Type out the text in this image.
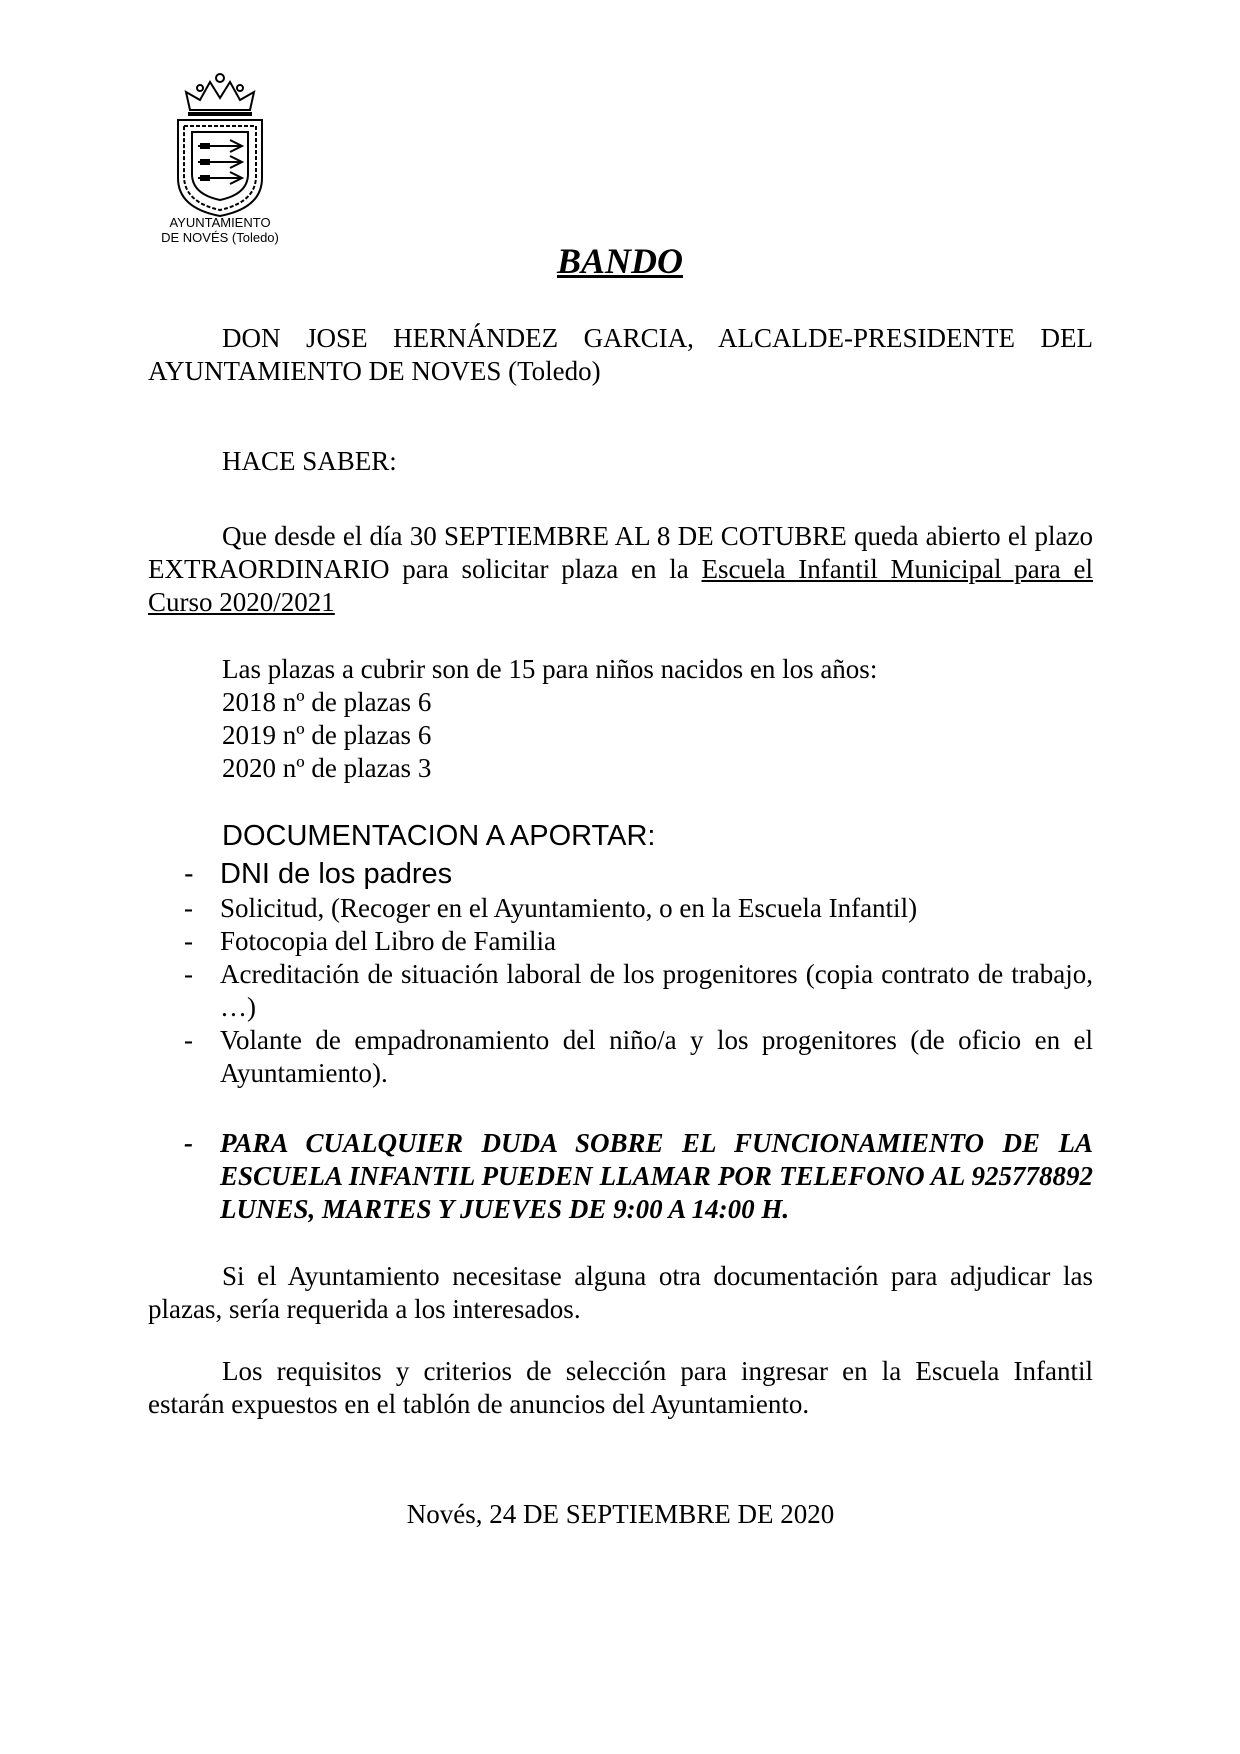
AYUNTAMIENTO
DE NOVÉS (Toledo)
BANDO
DON JOSE HERNÁNDEZ GARCIA, ALCALDE-PRESIDENTE DEL AYUNTAMIENTO DE NOVES (Toledo)
HACE SABER:
Que desde el día 30 SEPTIEMBRE AL 8 DE COTUBRE queda abierto el plazo EXTRAORDINARIO para solicitar plaza en la Escuela Infantil Municipal para el Curso 2020/2021
Las plazas a cubrir son de 15 para niños nacidos en los años:
2018 nº de plazas 6
2019 nº de plazas 6
2020 nº de plazas 3
DOCUMENTACION A APORTAR:
- DNI de los padres
- Solicitud, (Recoger en el Ayuntamiento, o en la Escuela Infantil)
- Fotocopia del Libro de Familia
- Acreditación de situación laboral de los progenitores (copia contrato de trabajo, …)
- Volante de empadronamiento del niño/a y los progenitores (de oficio en el Ayuntamiento).
- PARA CUALQUIER DUDA SOBRE EL FUNCIONAMIENTO DE LA ESCUELA INFANTIL PUEDEN LLAMAR POR TELEFONO AL 925778892 LUNES, MARTES Y JUEVES DE 9:00 A 14:00 H.
Si el Ayuntamiento necesitase alguna otra documentación para adjudicar las plazas, sería requerida a los interesados.
Los requisitos y criterios de selección para ingresar en la Escuela Infantil estarán expuestos en el tablón de anuncios del Ayuntamiento.
Novés, 24 DE SEPTIEMBRE DE 2020
